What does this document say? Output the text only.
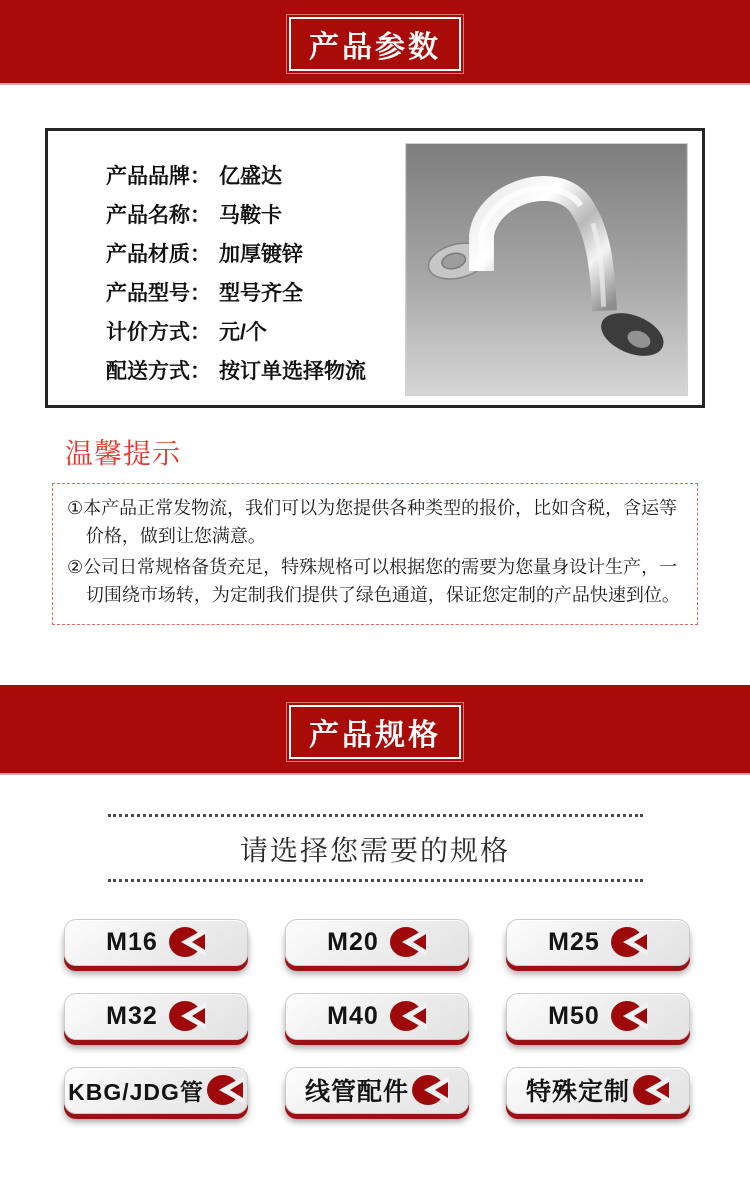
产品参数
产品品牌： 亿盛达
产品名称： 马鞍卡
产品材质： 加厚镀锌
产品型号： 型号齐全
计价方式： 元/个
配送方式： 按订单选择物流
温馨提示

①本产品正常发物流，我们可以为您提供各种类型的报价，比如含税，含运等价格，做到让您满意。

②公司日常规格备货充足，特殊规格可以根据您的需要为您量身设计生产，一切围绕市场转，为定制我们提供了绿色通道，保证您定制的产品快速到位。

产品规格
请选择您需要的规格
M16	M20	M25
M32	M40	M50
KBG/JDG管	线管配件	特殊定制
